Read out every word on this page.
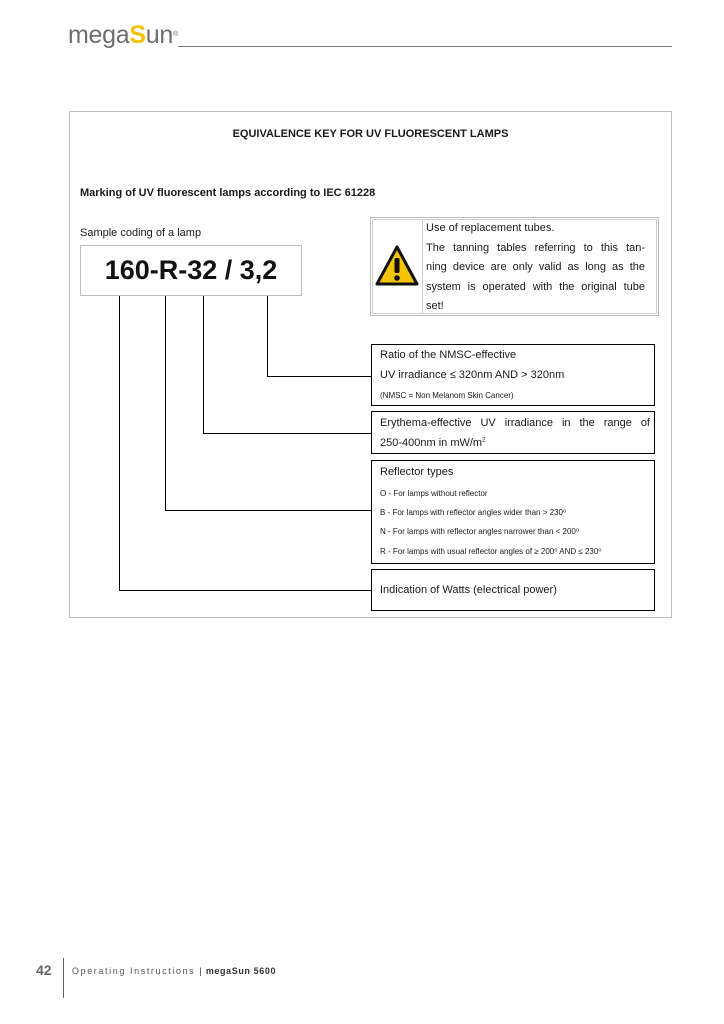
megaSun®
EQUIVALENCE KEY FOR UV FLUORESCENT LAMPS
Marking of UV fluorescent lamps according to IEC 61228
Sample coding of a lamp
160-R-32 / 3,2
Use of replacement tubes.
The tanning tables referring to this tan-
ning device are only valid as long as the
system is operated with the original tube
set!
Ratio of the NMSC-effective
UV irradiance ≤ 320nm AND > 320nm
(NMSC = Non Melanom Skin Cancer)
Erythema-effective UV irradiance in the range of
250-400nm in $mW/m^2$
Reflector types
O - For lamps without reflector
B - For lamps with reflector angles wider than > 230⁰
N - For lamps with reflector angles narrower than < 200⁰
R - For lamps with usual reflector angles of ≥ 200⁰ AND ≤ 230⁰
Indication of Watts (electrical power)
42 Operating Instructions | megaSun 5600
